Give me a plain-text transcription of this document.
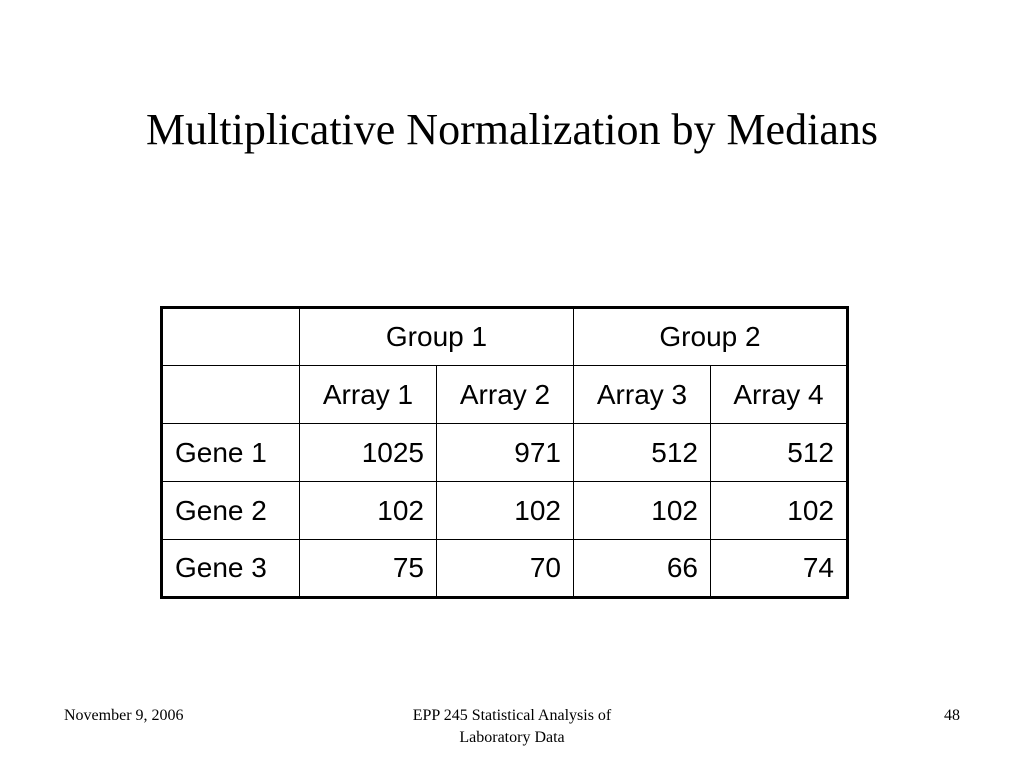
Multiplicative Normalization by Medians
	Group 1		Group 2	
	Array 1	Array 2	Array 3	Array 4
Gene 1	1025	971	512	512
Gene 2	102	102	102	102
Gene 3	75	70	66	74
November 9, 2006	EPP 245 Statistical Analysis of
Laboratory Data
48
